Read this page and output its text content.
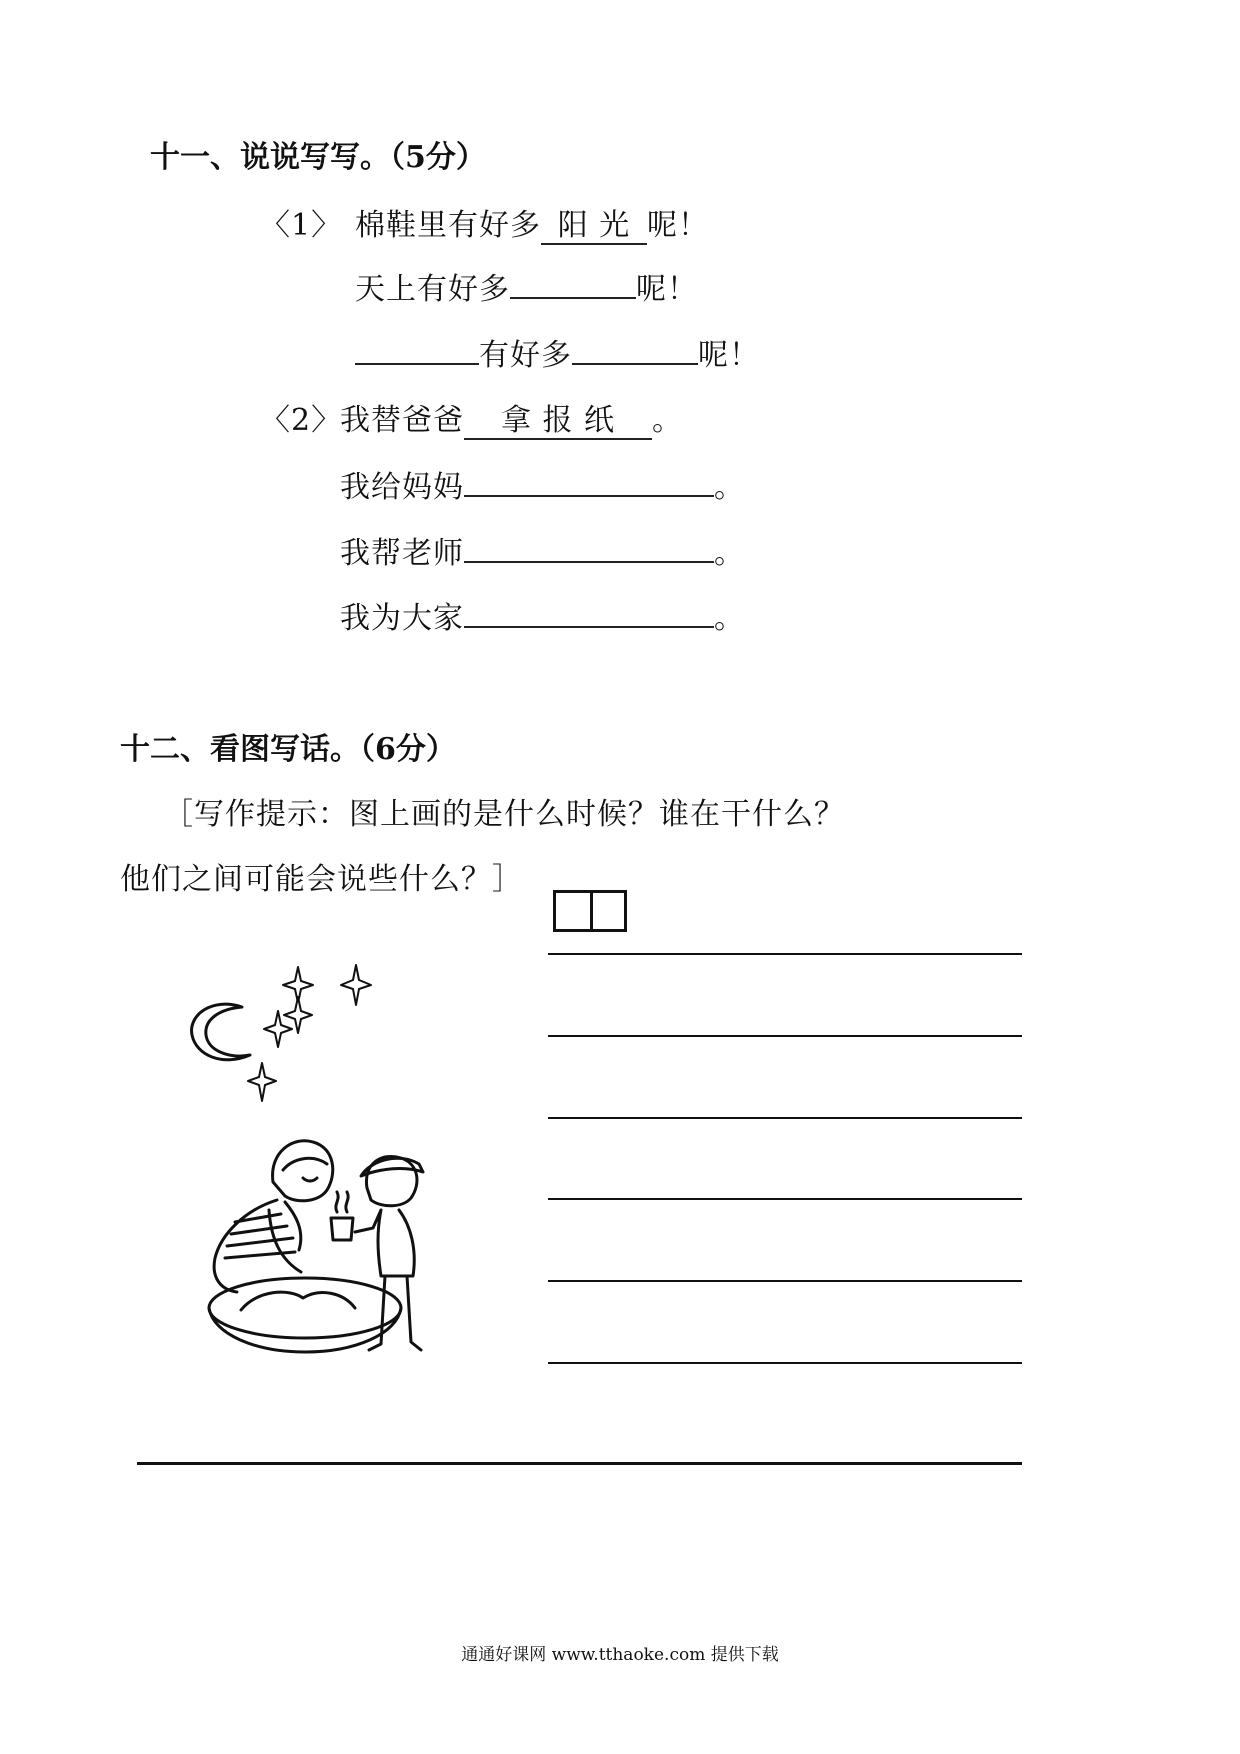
十一、说说写写。（5分）
〈1〉 棉鞋里有好多 阳 光 呢！
天上有好多	呢！
有好多	呢！
〈2〉
我替爸爸 拿 报 纸 。
我给妈妈	。
我帮老师	。
我为大家	。
十二、看图写话。（6分）
［写作提示：图上画的是什么时候？谁在干什么？
他们之间可能会说些什么？］
通通好课网 www.tthaoke.com 提供下载
